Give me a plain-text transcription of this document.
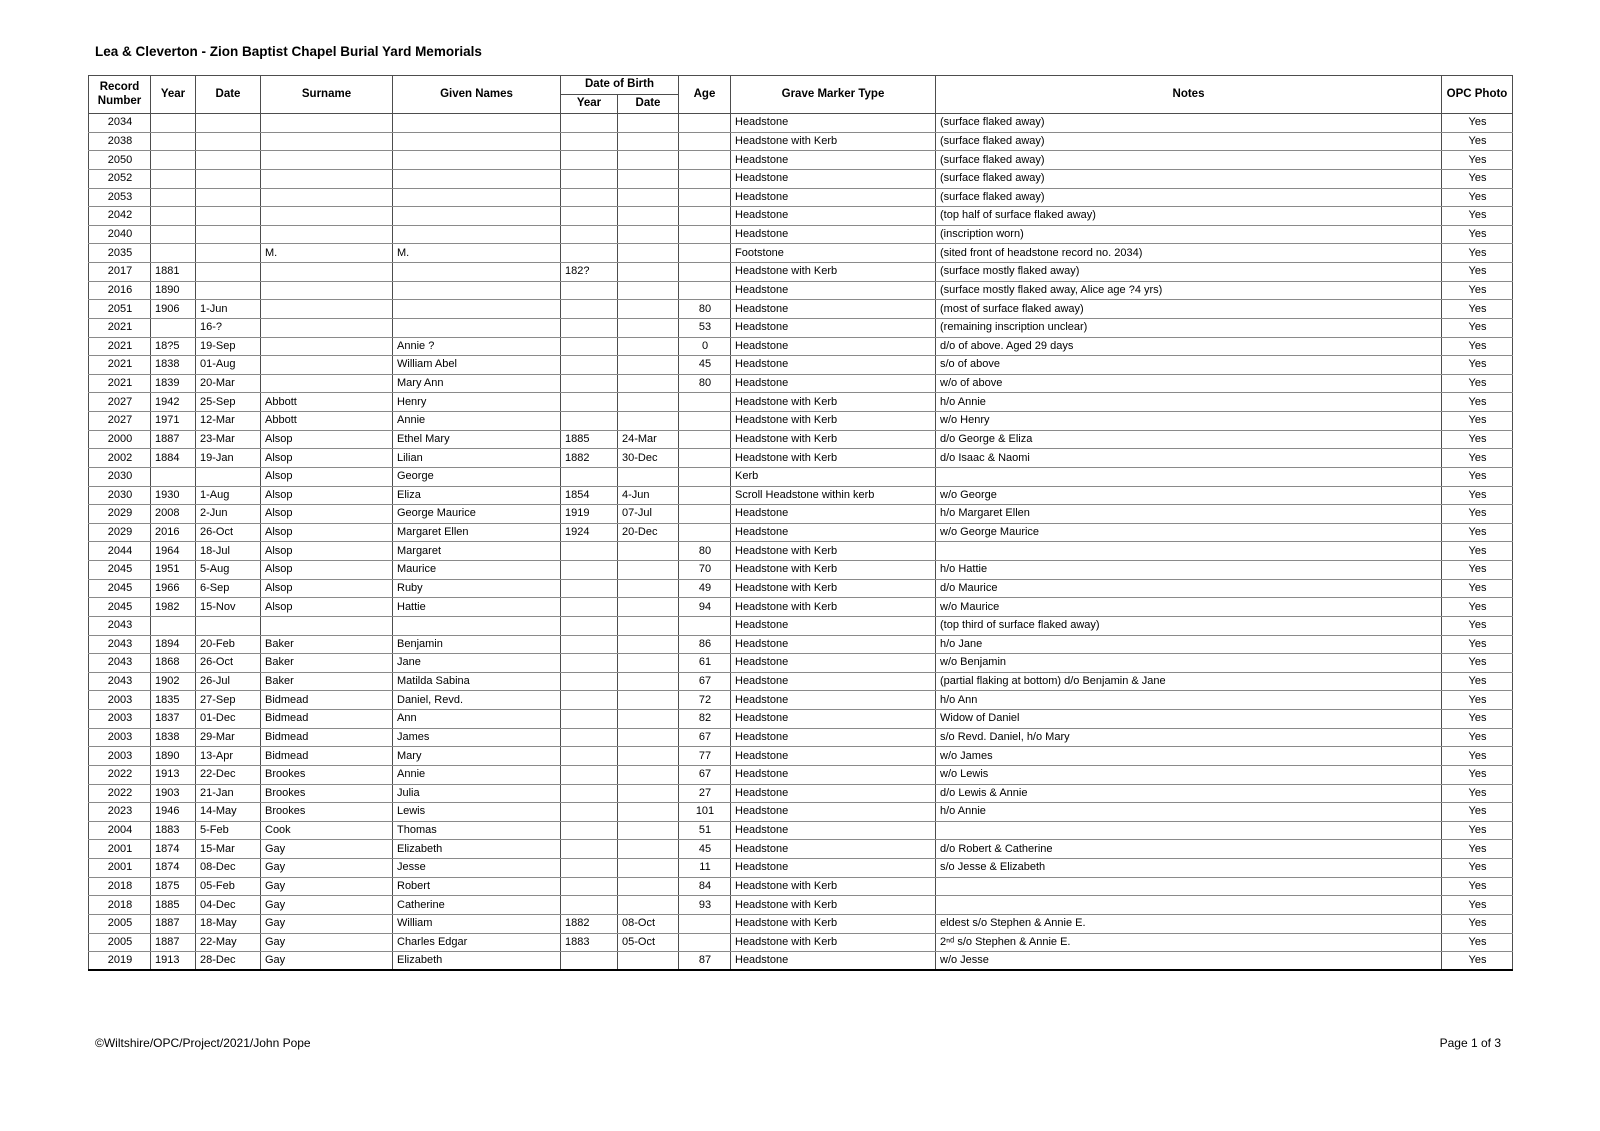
Lea & Cleverton - Zion Baptist Chapel Burial Yard Memorials
Record Number	Year	Date	Surname	Given Names	Date of Birth		Age	Grave Marker Type	Notes	OPC Photo
					Year	Date				
2034								Headstone	(surface flaked away)	Yes
2038								Headstone with Kerb	(surface flaked away)	Yes
2050								Headstone	(surface flaked away)	Yes
2052								Headstone	(surface flaked away)	Yes
2053								Headstone	(surface flaked away)	Yes
2042								Headstone	(top half of surface flaked away)	Yes
2040								Headstone	(inscription worn)	Yes
2035			M.	M.				Footstone	(sited front of headstone record no. 2034)	Yes
2017	1881				182?			Headstone with Kerb	(surface mostly flaked away)	Yes
2016	1890							Headstone	(surface mostly flaked away, Alice age ?4 yrs)	Yes
2051	1906	1-Jun					80	Headstone	(most of surface flaked away)	Yes
2021		16-?					53	Headstone	(remaining inscription unclear)	Yes
2021	18?5	19-Sep		Annie ?			0	Headstone	d/o of above. Aged 29 days	Yes
2021	1838	01-Aug		William Abel			45	Headstone	s/o of above	Yes
2021	1839	20-Mar		Mary Ann			80	Headstone	w/o of above	Yes
2027	1942	25-Sep	Abbott	Henry				Headstone with Kerb	h/o Annie	Yes
2027	1971	12-Mar	Abbott	Annie				Headstone with Kerb	w/o Henry	Yes
2000	1887	23-Mar	Alsop	Ethel Mary	1885	24-Mar		Headstone with Kerb	d/o George & Eliza	Yes
2002	1884	19-Jan	Alsop	Lilian	1882	30-Dec		Headstone with Kerb	d/o Isaac & Naomi	Yes
2030			Alsop	George				Kerb		Yes
2030	1930	1-Aug	Alsop	Eliza	1854	4-Jun		Scroll Headstone within kerb	w/o George	Yes
2029	2008	2-Jun	Alsop	George Maurice	1919	07-Jul		Headstone	h/o Margaret Ellen	Yes
2029	2016	26-Oct	Alsop	Margaret Ellen	1924	20-Dec		Headstone	w/o George Maurice	Yes
2044	1964	18-Jul	Alsop	Margaret			80	Headstone with Kerb		Yes
2045	1951	5-Aug	Alsop	Maurice			70	Headstone with Kerb	h/o Hattie	Yes
2045	1966	6-Sep	Alsop	Ruby			49	Headstone with Kerb	d/o Maurice	Yes
2045	1982	15-Nov	Alsop	Hattie			94	Headstone with Kerb	w/o Maurice	Yes
2043								Headstone	(top third of surface flaked away)	Yes
2043	1894	20-Feb	Baker	Benjamin			86	Headstone	h/o Jane	Yes
2043	1868	26-Oct	Baker	Jane			61	Headstone	w/o Benjamin	Yes
2043	1902	26-Jul	Baker	Matilda Sabina			67	Headstone	(partial flaking at bottom) d/o Benjamin & Jane	Yes
2003	1835	27-Sep	Bidmead	Daniel, Revd.			72	Headstone	h/o Ann	Yes
2003	1837	01-Dec	Bidmead	Ann			82	Headstone	Widow of Daniel	Yes
2003	1838	29-Mar	Bidmead	James			67	Headstone	s/o Revd. Daniel, h/o Mary	Yes
2003	1890	13-Apr	Bidmead	Mary			77	Headstone	w/o James	Yes
2022	1913	22-Dec	Brookes	Annie			67	Headstone	w/o Lewis	Yes
2022	1903	21-Jan	Brookes	Julia			27	Headstone	d/o Lewis & Annie	Yes
2023	1946	14-May	Brookes	Lewis			101	Headstone	h/o Annie	Yes
2004	1883	5-Feb	Cook	Thomas			51	Headstone		Yes
2001	1874	15-Mar	Gay	Elizabeth			45	Headstone	d/o Robert & Catherine	Yes
2001	1874	08-Dec	Gay	Jesse			11	Headstone	s/o Jesse & Elizabeth	Yes
2018	1875	05-Feb	Gay	Robert			84	Headstone with Kerb		Yes
2018	1885	04-Dec	Gay	Catherine			93	Headstone with Kerb		Yes
2005	1887	18-May	Gay	William	1882	08-Oct		Headstone with Kerb	eldest s/o Stephen & Annie E.	Yes
2005	1887	22-May	Gay	Charles Edgar	1883	05-Oct		Headstone with Kerb	2ⁿᵈ s/o Stephen & Annie E.	Yes
2019	1913	28-Dec	Gay	Elizabeth			87	Headstone	w/o Jesse	Yes
©Wiltshire/OPC/Project/2021/John Pope	Page 1 of 3
